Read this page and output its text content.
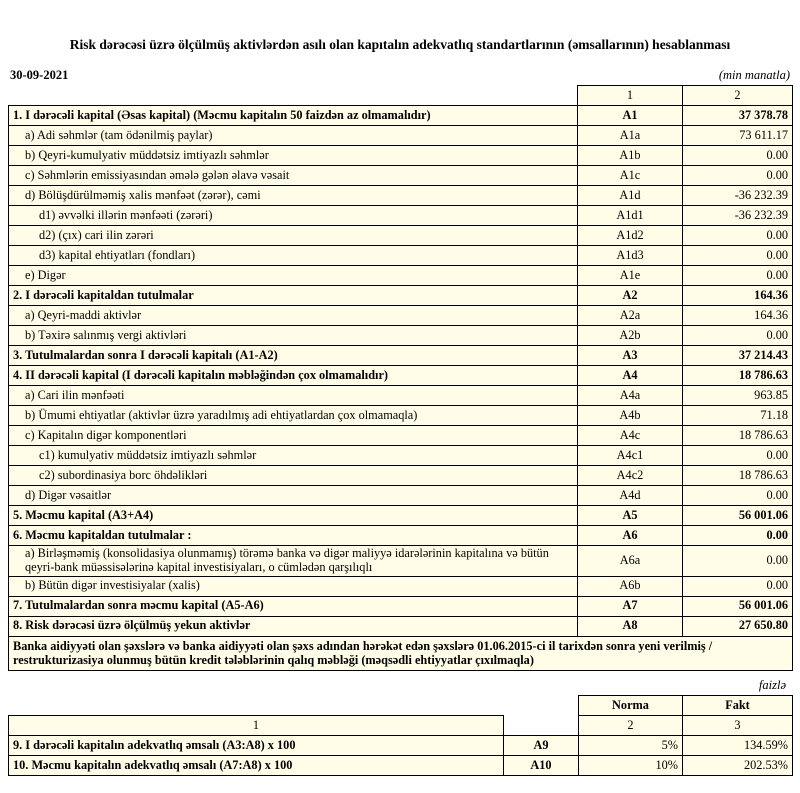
Risk dərəcəsi üzrə ölçülmüş aktivlərdən asılı olan kapıtalın adekvatlıq standartlarının (əmsallarının) hesablanması
30-09-2021	(min manatla)
	1	2
1. I dərəcəli kapital (Əsas kapital) (Məcmu kapitalın 50 faizdən az olmamalıdır)	A1	37 378.78
a) Adi səhmlər (tam ödənilmiş paylar)	A1a	73 611.17
b) Qeyri-kumulyativ müddətsiz imtiyazlı səhmlər	A1b	0.00
c) Səhmlərin emissiyasından əmələ gələn əlavə vəsait	A1c	0.00
d) Bölüşdürülməmiş xalis mənfəət (zərər), cəmi	A1d	-36 232.39
d1) əvvəlki illərin mənfəəti (zərəri)	A1d1	-36 232.39
d2) (çıx) cari ilin zərəri	A1d2	0.00
d3) kapital ehtiyatları (fondları)	A1d3	0.00
e) Digər	A1e	0.00
2. I dərəcəli kapitaldan tutulmalar	A2	164.36
a) Qeyri-maddi aktivlər	A2a	164.36
b) Təxirə salınmış vergi aktivləri	A2b	0.00
3. Tutulmalardan sonra I dərəcəli kapitalı (A1-A2)	A3	37 214.43
4. II dərəcəli kapital (I dərəcəli kapitalın məbləğindən çox olmamalıdır)	A4	18 786.63
a) Cari ilin mənfəəti	A4a	963.85
b) Ümumi ehtiyatlar (aktivlər üzrə yaradılmış adi ehtiyatlardan çox olmamaqla)	A4b	71.18
c) Kapitalın digər komponentləri	A4c	18 786.63
c1) kumulyativ müddətsiz imtiyazlı səhmlər	A4c1	0.00
c2) subordinasiya borc öhdəlikləri	A4c2	18 786.63
d) Digər vəsaitlər	A4d	0.00
5. Məcmu kapital (A3+A4)	A5	56 001.06
6. Məcmu kapitaldan tutulmalar :	A6	0.00
a) Birləşməmiş (konsolidasiya olunmamış) törəmə banka və digər maliyyə idarələrinin kapitalına və bütün qeyri-bank müəssisələrinə kapital investisiyaları, o cümlədən qarşılıqlı	A6a	0.00
b) Bütün digər investisiyalar (xalis)	A6b	0.00
7. Tutulmalardan sonra məcmu kapital (A5-A6)	A7	56 001.06
8. Risk dərəcəsi üzrə ölçülmüş yekun aktivlər	A8	27 650.80
Banka aidiyyəti olan şəxslərə və banka aidiyyəti olan şəxs adından hərəkət edən şəxslərə 01.06.2015-ci il tarixdən sonra yeni verilmiş / restrukturizasiya olunmuş bütün kredit tələblərinin qalıq məbləği (məqsədli ehtiyyatlar çıxılmaqla)		
faizlə
		Norma	Fakt
1		2	3
9. I dərəcəli kapitalın adekvatlıq əmsalı (A3:A8) x 100	A9	5%	134.59%
10. Məcmu kapitalın adekvatlıq əmsalı (A7:A8) x 100	A10	10%	202.53%
